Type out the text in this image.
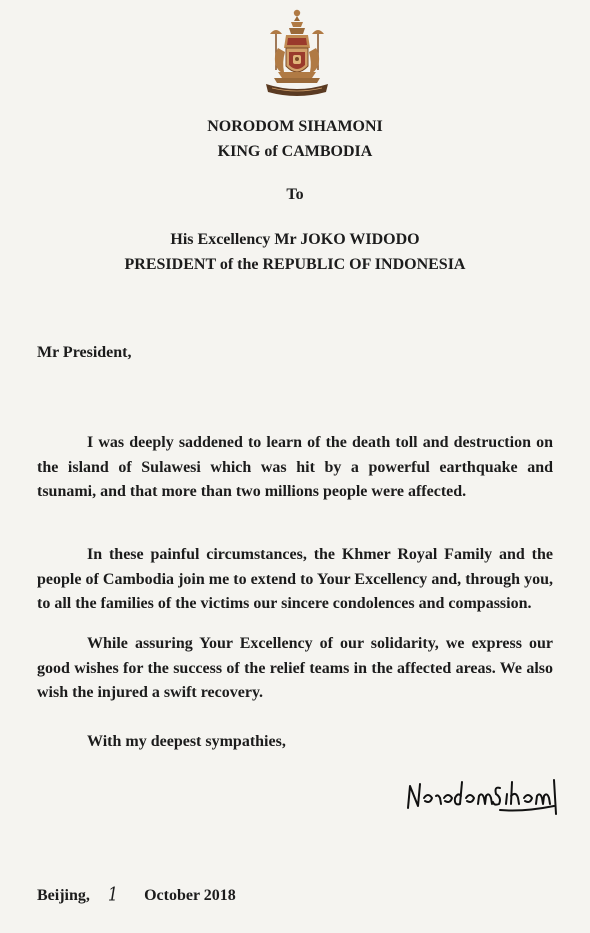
NORODOM SIHAMONI
KING of CAMBODIA
To
His Excellency Mr JOKO WIDODO
PRESIDENT of the REPUBLIC OF INDONESIA
Mr President,

I was deeply saddened to learn of the death toll and destruction on the island of Sulawesi which was hit by a powerful earthquake and tsunami, and that more than two millions people were affected.

In these painful circumstances, the Khmer Royal Family and the people of Cambodia join me to extend to Your Excellency and, through you, to all the families of the victims our sincere condolences and compassion.

While assuring Your Excellency of our solidarity, we express our good wishes for the success of the relief teams in the affected areas. We also wish the injured a swift recovery.

With my deepest sympathies,
Beijing, 1 October 2018
